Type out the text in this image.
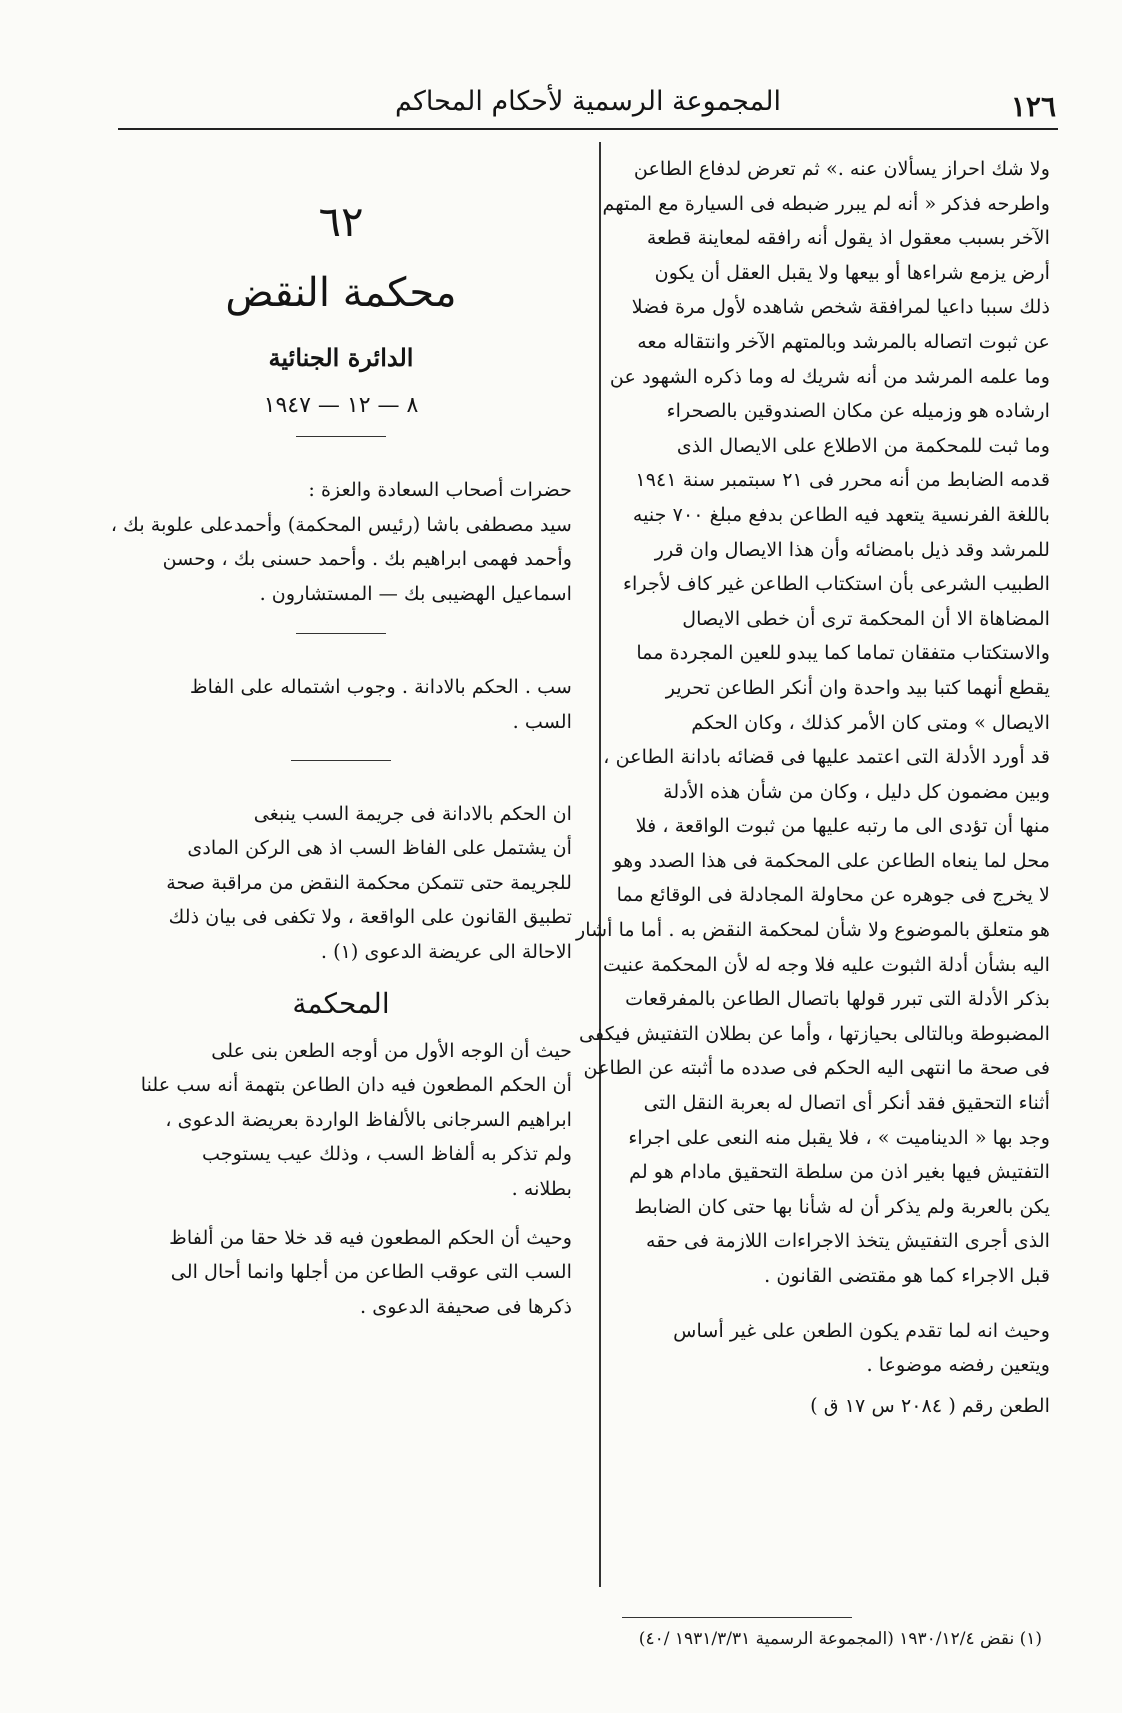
١٢٦
المجموعة الرسمية لأحكام المحاكم
ولا شك احراز يسألان عنه .» ثم تعرض لدفاع الطاعن
واطرحه فذكر « أنه لم يبرر ضبطه فى السيارة مع المتهم
الآخر بسبب معقول اذ يقول أنه رافقه لمعاينة قطعة
أرض يزمع شراءها أو بيعها ولا يقبل العقل أن يكون
ذلك سببا داعيا لمرافقة شخص شاهده لأول مرة فضلا
عن ثبوت اتصاله بالمرشد وبالمتهم الآخر وانتقاله معه
وما علمه المرشد من أنه شريك له وما ذكره الشهود عن
ارشاده هو وزميله عن مكان الصندوقين بالصحراء
وما ثبت للمحكمة من الاطلاع على الايصال الذى
قدمه الضابط من أنه محرر فى ٢١ سبتمبر سنة ١٩٤١
باللغة الفرنسية يتعهد فيه الطاعن بدفع مبلغ ٧٠٠ جنيه
للمرشد وقد ذيل بامضائه وأن هذا الايصال وان قرر
الطبيب الشرعى بأن استكتاب الطاعن غير كاف لأجراء
المضاهاة الا أن المحكمة ترى أن خطى الايصال
والاستكتاب متفقان تماما كما يبدو للعين المجردة مما
يقطع أنهما كتبا بيد واحدة وان أنكر الطاعن تحرير
الايصال » ومتى كان الأمر كذلك ، وكان الحكم
قد أورد الأدلة التى اعتمد عليها فى قضائه بادانة الطاعن ،
وبين مضمون كل دليل ، وكان من شأن هذه الأدلة
منها أن تؤدى الى ما رتبه عليها من ثبوت الواقعة ، فلا
محل لما ينعاه الطاعن على المحكمة فى هذا الصدد وهو
لا يخرج فى جوهره عن محاولة المجادلة فى الوقائع مما
هو متعلق بالموضوع ولا شأن لمحكمة النقض به . أما ما أشار
اليه بشأن أدلة الثبوت عليه فلا وجه له لأن المحكمة عنيت
بذكر الأدلة التى تبرر قولها باتصال الطاعن بالمفرقعات
المضبوطة وبالتالى بحيازتها ، وأما عن بطلان التفتيش فيكفى
فى صحة ما انتهى اليه الحكم فى صدده ما أثبته عن الطاعن
أثناء التحقيق فقد أنكر أى اتصال له بعربة النقل التى
وجد بها « الديناميت » ، فلا يقبل منه النعى على اجراء
التفتيش فيها بغير اذن من سلطة التحقيق مادام هو لم
يكن بالعربة ولم يذكر أن له شأنا بها حتى كان الضابط
الذى أجرى التفتيش يتخذ الاجراءات اللازمة فى حقه
قبل الاجراء كما هو مقتضى القانون .
وحيث انه لما تقدم يكون الطعن على غير أساس
ويتعين رفضه موضوعا .
الطعن رقم ( ٢٠٨٤ س ١٧ ق )
٦٢
محكمة النقض
الدائرة الجنائية
٨ — ١٢ — ١٩٤٧
حضرات أصحاب السعادة والعزة :
سيد مصطفى باشا (رئيس المحكمة) وأحمدعلى علوبة بك ،
وأحمد فهمى ابراهيم بك . وأحمد حسنى بك ، وحسن
اسماعيل الهضيبى بك — المستشارون .
سب . الحكم بالادانة . وجوب اشتماله على الفاظ
السب .
ان الحكم بالادانة فى جريمة السب ينبغى
أن يشتمل على الفاظ السب اذ هى الركن المادى
للجريمة حتى تتمكن محكمة النقض من مراقبة صحة
تطبيق القانون على الواقعة ، ولا تكفى فى بيان ذلك
الاحالة الى عريضة الدعوى (١) .
المحكمة
حيث أن الوجه الأول من أوجه الطعن بنى على
أن الحكم المطعون فيه دان الطاعن بتهمة أنه سب علنا
ابراهيم السرجانى بالألفاظ الواردة بعريضة الدعوى ،
ولم تذكر به ألفاظ السب ، وذلك عيب يستوجب
بطلانه .
وحيث أن الحكم المطعون فيه قد خلا حقا من ألفاظ
السب التى عوقب الطاعن من أجلها وانما أحال الى
ذكرها فى صحيفة الدعوى .
(١) نقض ١٩٣٠/١٢/٤ (المجموعة الرسمية ١٩٣١/٣/٣١ /٤٠)
